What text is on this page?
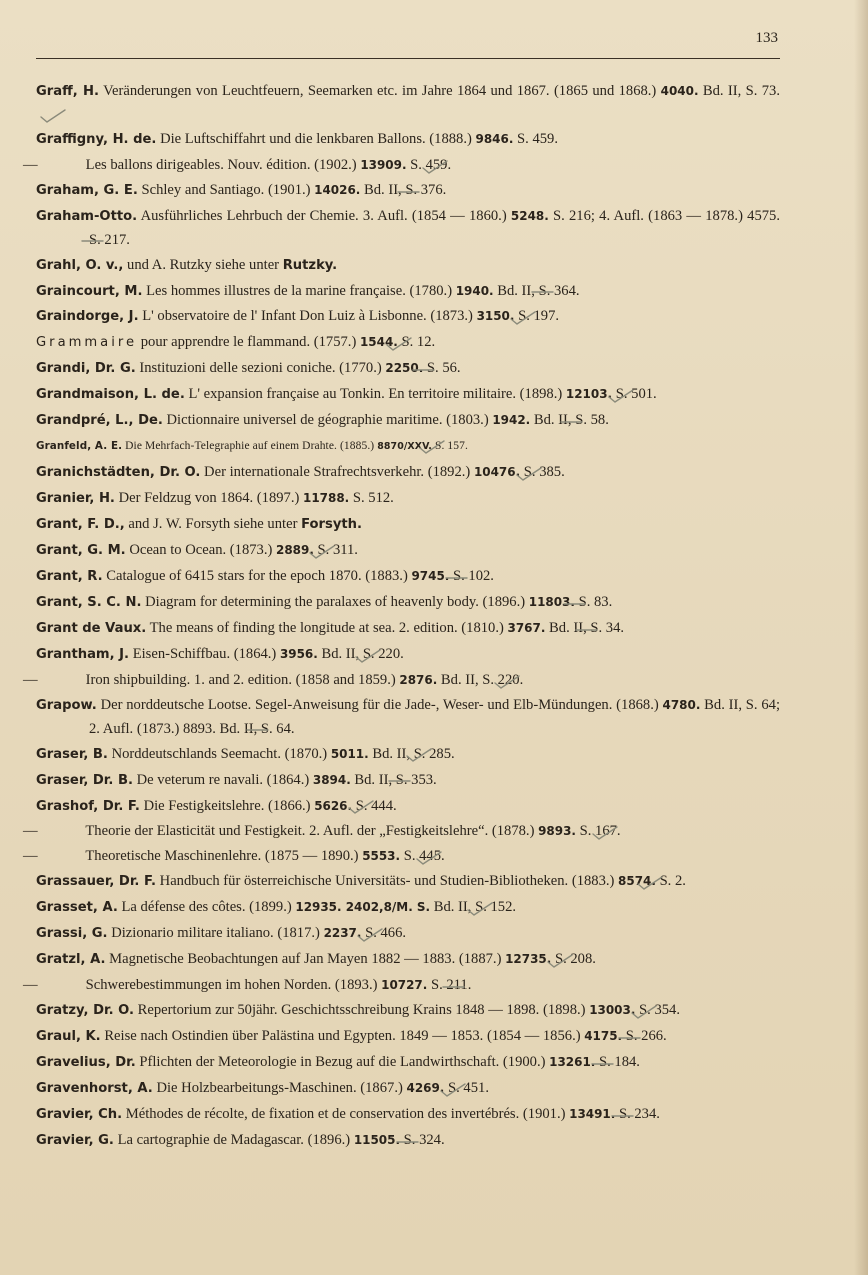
133
Graff, H. Veränderungen von Leuchtfeuern, Seemarken etc. im Jahre 1864 und 1867. (1865 und 1868.) 4040. Bd. II, S. 73.
Graffigny, H. de. Die Luftschiffahrt und die lenkbaren Ballons. (1888.) 9846. S. 459.
—	Les ballons dirigeables. Nouv. édition. (1902.) 13909. S. 459.
Graham, G. E. Schley and Santiago. (1901.) 14026. Bd. II, S. 376.
Graham-Otto. Ausführliches Lehrbuch der Chemie. 3. Aufl. (1854 — 1860.) 5248. S. 216; 4. Aufl. (1863 — 1878.) 4575. S. 217.
Grahl, O. v., und A. Rutzky siehe unter Rutzky.
Graincourt, M. Les hommes illustres de la marine française. (1780.) 1940. Bd. II, S. 364.
Graindorge, J. L' observatoire de l' Infant Don Luiz à Lisbonne. (1873.) 3150. S. 197.
Grammaire pour apprendre le flammand. (1757.) 1544. S. 12.
Grandi, Dr. G. Instituzioni delle sezioni coniche. (1770.) 2250. S. 56.
Grandmaison, L. de. L' expansion française au Tonkin. En territoire militaire. (1898.) 12103. S. 501.
Grandpré, L., De. Dictionnaire universel de géographie maritime. (1803.) 1942. Bd. II, S. 58.
Granfeld, A. E. Die Mehrfach-Telegraphie auf einem Drahte. (1885.) 8870/XXV. S. 157.
Granichstädten, Dr. O. Der internationale Strafrechtsverkehr. (1892.) 10476. S. 385.
Granier, H. Der Feldzug von 1864. (1897.) 11788. S. 512.
Grant, F. D., and J. W. Forsyth siehe unter Forsyth.
Grant, G. M. Ocean to Ocean. (1873.) 2889. S. 311.
Grant, R. Catalogue of 6415 stars for the epoch 1870. (1883.) 9745. S. 102.
Grant, S. C. N. Diagram for determining the paralaxes of heavenly body. (1896.) 11803. S. 83.
Grant de Vaux. The means of finding the longitude at sea. 2. edition. (1810.) 3767. Bd. II, S. 34.
Grantham, J. Eisen-Schiffbau. (1864.) 3956. Bd. II, S. 220.
—	Iron shipbuilding. 1. and 2. edition. (1858 and 1859.) 2876. Bd. II, S. 220.
Grapow. Der norddeutsche Lootse. Segel-Anweisung für die Jade-, Weser- und Elb-Mündungen. (1868.) 4780. Bd. II, S. 64; 2. Aufl. (1873.) 8893. Bd. II, S. 64.
Graser, B. Norddeutschlands Seemacht. (1870.) 5011. Bd. II, S. 285.
Graser, Dr. B. De veterum re navali. (1864.) 3894. Bd. II, S. 353.
Grashof, Dr. F. Die Festigkeitslehre. (1866.) 5626. S. 444.
—	Theorie der Elasticität und Festigkeit. 2. Aufl. der „Festigkeitslehre“. (1878.) 9893. S. 167.
—	Theoretische Maschinenlehre. (1875 — 1890.) 5553. S. 445.
Grassauer, Dr. F. Handbuch für österreichische Universitäts- und Studien-Bibliotheken. (1883.) 8574. S. 2.
Grasset, A. La défense des côtes. (1899.) 12935. 2402,8/M. S. Bd. II, S. 152.
Grassi, G. Dizionario militare italiano. (1817.) 2237. S. 466.
Gratzl, A. Magnetische Beobachtungen auf Jan Mayen 1882 — 1883. (1887.) 12735. S. 208.
—	Schwerebestimmungen im hohen Norden. (1893.) 10727. S. 211.
Gratzy, Dr. O. Repertorium zur 50jähr. Geschichtsschreibung Krains 1848 — 1898. (1898.) 13003. S. 354.
Graul, K. Reise nach Ostindien über Palästina und Egypten. 1849 — 1853. (1854 — 1856.) 4175. S. 266.
Gravelius, Dr. Pflichten der Meteorologie in Bezug auf die Landwirthschaft. (1900.) 13261. S. 184.
Gravenhorst, A. Die Holzbearbeitungs-Maschinen. (1867.) 4269. S. 451.
Gravier, Ch. Méthodes de récolte, de fixation et de conservation des invertébrés. (1901.) 13491. S. 234.
Gravier, G. La cartographie de Madagascar. (1896.) 11505. S. 324.
